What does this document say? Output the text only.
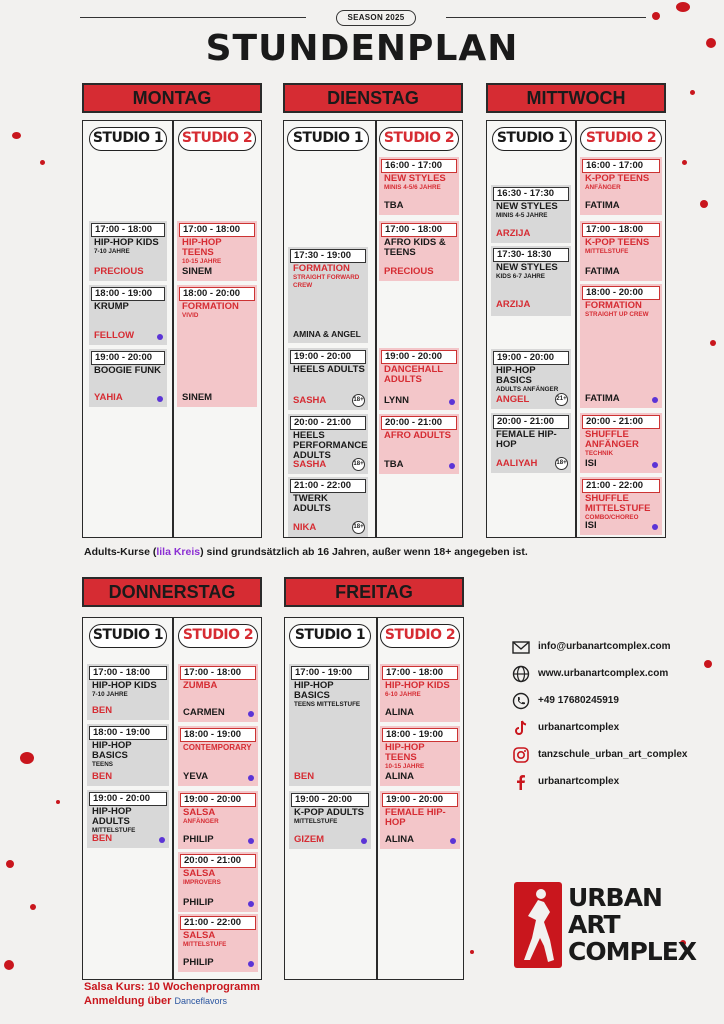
SEASON 2025
STUNDENPLAN
MONTAG
STUDIO 1 STUDIO 2
17:00 - 18:00
HIP-HOP KIDS
7-10 JAHRE
PRECIOUS
18:00 - 19:00
KRUMP
FELLOW
19:00 - 20:00
BOOGIE FUNK
YAHIA
17:00 - 18:00
HIP-HOP TEENS
10-15 JAHRE
SINEM
18:00 - 20:00
FORMATION
VIVID
SINEM
DIENSTAG
STUDIO 1	STUDIO 2
17:30 - 19:00
FORMATION
STRAIGHT FORWARD CREW
AMINA & ANGEL
19:00 - 20:00
HEELS ADULTS
SASHA	18+
20:00 - 21:00
HEELS PERFORMANCE ADULTS
SASHA	18+
21:00 - 22:00
TWERK ADULTS
NIKA	18+
16:00 - 17:00
NEW STYLES
MINIS 4-5/6 JAHRE
TBA
17:00 - 18:00
AFRO KIDS & TEENS
PRECIOUS
19:00 - 20:00
DANCEHALL ADULTS
LYNN
20:00 - 21:00
AFRO ADULTS
TBA
MITTWOCH
STUDIO 1	STUDIO 2
16:30 - 17:30
NEW STYLES
MINIS 4-5 JAHRE
ARZIJA
17:30- 18:30
NEW STYLES
KIDS 6-7 JAHRE
ARZIJA
19:00 - 20:00
HIP-HOP BASICS
ADULTS ANFÄNGER
ANGEL	21+
20:00 - 21:00
FEMALE HIP-HOP
AALIYAH	18+
16:00 - 17:00
K-POP TEENS
ANFÄNGER
FATIMA
17:00 - 18:00
K-POP TEENS
MITTELSTUFE
FATIMA
18:00 - 20:00
FORMATION
STRAIGHT UP CREW
FATIMA
20:00 - 21:00
SHUFFLE ANFÄNGER
TECHNIK
ISI
21:00 - 22:00
SHUFFLE MITTELSTUFE
COMBO/CHOREO
ISI
Adults-Kurse (lila Kreis) sind grundsätzlich ab 16 Jahren, außer wenn 18+ angegeben ist.
DONNERSTAG
STUDIO 1	STUDIO 2
17:00 - 18:00
HIP-HOP KIDS
7-10 JAHRE
BEN
18:00 - 19:00
HIP-HOP BASICS
TEENS
BEN
19:00 - 20:00
HIP-HOP ADULTS
MITTELSTUFE
BEN
17:00 - 18:00
ZUMBA
CARMEN
18:00 - 19:00
CONTEMPORARY
YEVA
19:00 - 20:00
SALSA
ANFÄNGER
PHILIP
20:00 - 21:00
SALSA
IMPROVERS
PHILIP
21:00 - 22:00
SALSA
MITTELSTUFE
PHILIP
FREITAG
STUDIO 1	STUDIO 2
17:00 - 19:00
HIP-HOP BASICS
TEENS MITTELSTUFE
BEN
19:00 - 20:00
K-POP ADULTS
MITTELSTUFE
GIZEM
17:00 - 18:00
HIP-HOP KIDS
6-10 JAHRE
ALINA
18:00 - 19:00
HIP-HOP TEENS
10-15 JAHRE
ALINA
19:00 - 20:00
FEMALE HIP-HOP
ALINA
info@urbanartcomplex.com
www.urbanartcomplex.com
+49 17680245919
urbanartcomplex
tanzschule_urban_art_complex
urbanartcomplex
URBAN
ART
COMPLEX
Salsa Kurs: 10 Wochenprogramm
Anmeldung über Danceflavors
